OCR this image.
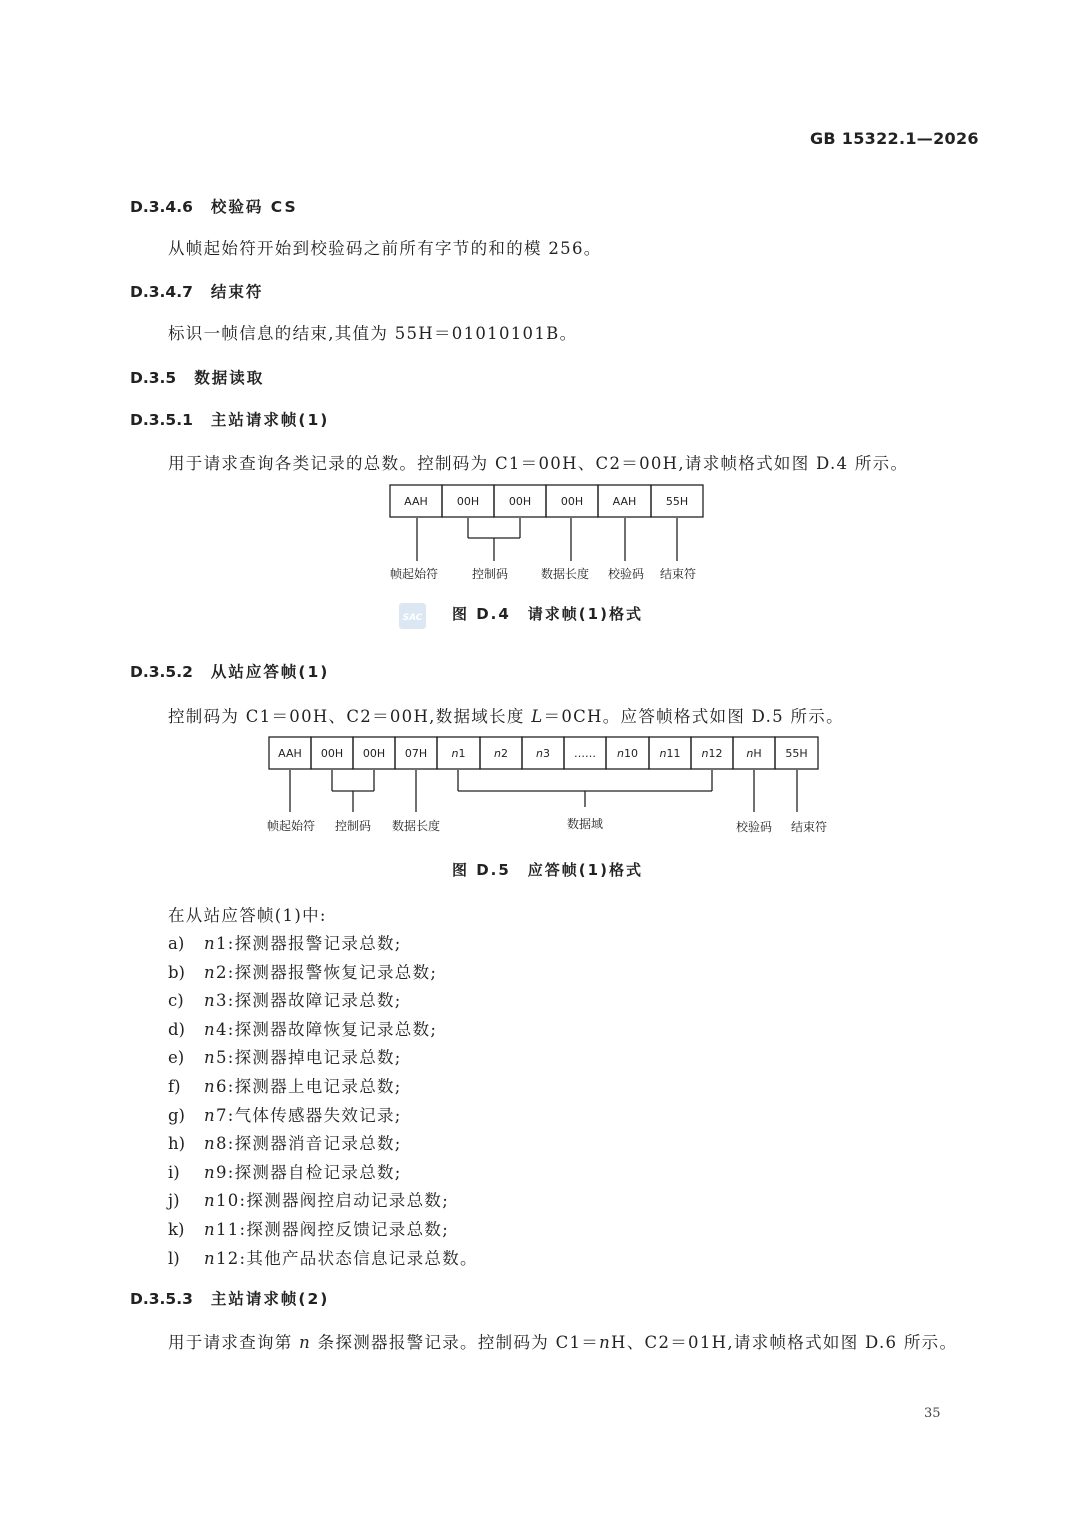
GB 15322.1—2026
D.3.4.6 校验码 CS
从帧起始符开始到校验码之前所有字节的和的模 256。
D.3.4.7 结束符
标识一帧信息的结束,其值为 55H＝01010101B。
D.3.5 数据读取
D.3.5.1 主站请求帧(1)
用于请求查询各类记录的总数。控制码为 C1＝00H、C2＝00H,请求帧格式如图 D.4 所示。
AAH	00H	00H	00H	AAH	55H
帧起始符	控制码	数据长度 校验码 结束符
SAC 图 D.4　请求帧(1)格式
D.3.5.2 从站应答帧(1)
控制码为 C1＝00H、C2＝00H,数据域长度 L＝0CH。应答帧格式如图 D.5 所示。
AAH 00H 00H 07H n1	n2	n3 …… n10 n11 n12 nH 55H
帧起始符 控制码 数据长度	数据域	校验码 结束符
图 D.5　应答帧(1)格式
在从站应答帧(1)中:
a) n1:探测器报警记录总数;
b) n2:探测器报警恢复记录总数;
c) n3:探测器故障记录总数;
d) n4:探测器故障恢复记录总数;
e) n5:探测器掉电记录总数;
f) n6:探测器上电记录总数;
g) n7:气体传感器失效记录;
h) n8:探测器消音记录总数;
i) n9:探测器自检记录总数;
j) n10:探测器阀控启动记录总数;
k) n11:探测器阀控反馈记录总数;
l) n12:其他产品状态信息记录总数。
D.3.5.3 主站请求帧(2)
用于请求查询第 n 条探测器报警记录。控制码为 C1＝nH、C2＝01H,请求帧格式如图 D.6 所示。
35
